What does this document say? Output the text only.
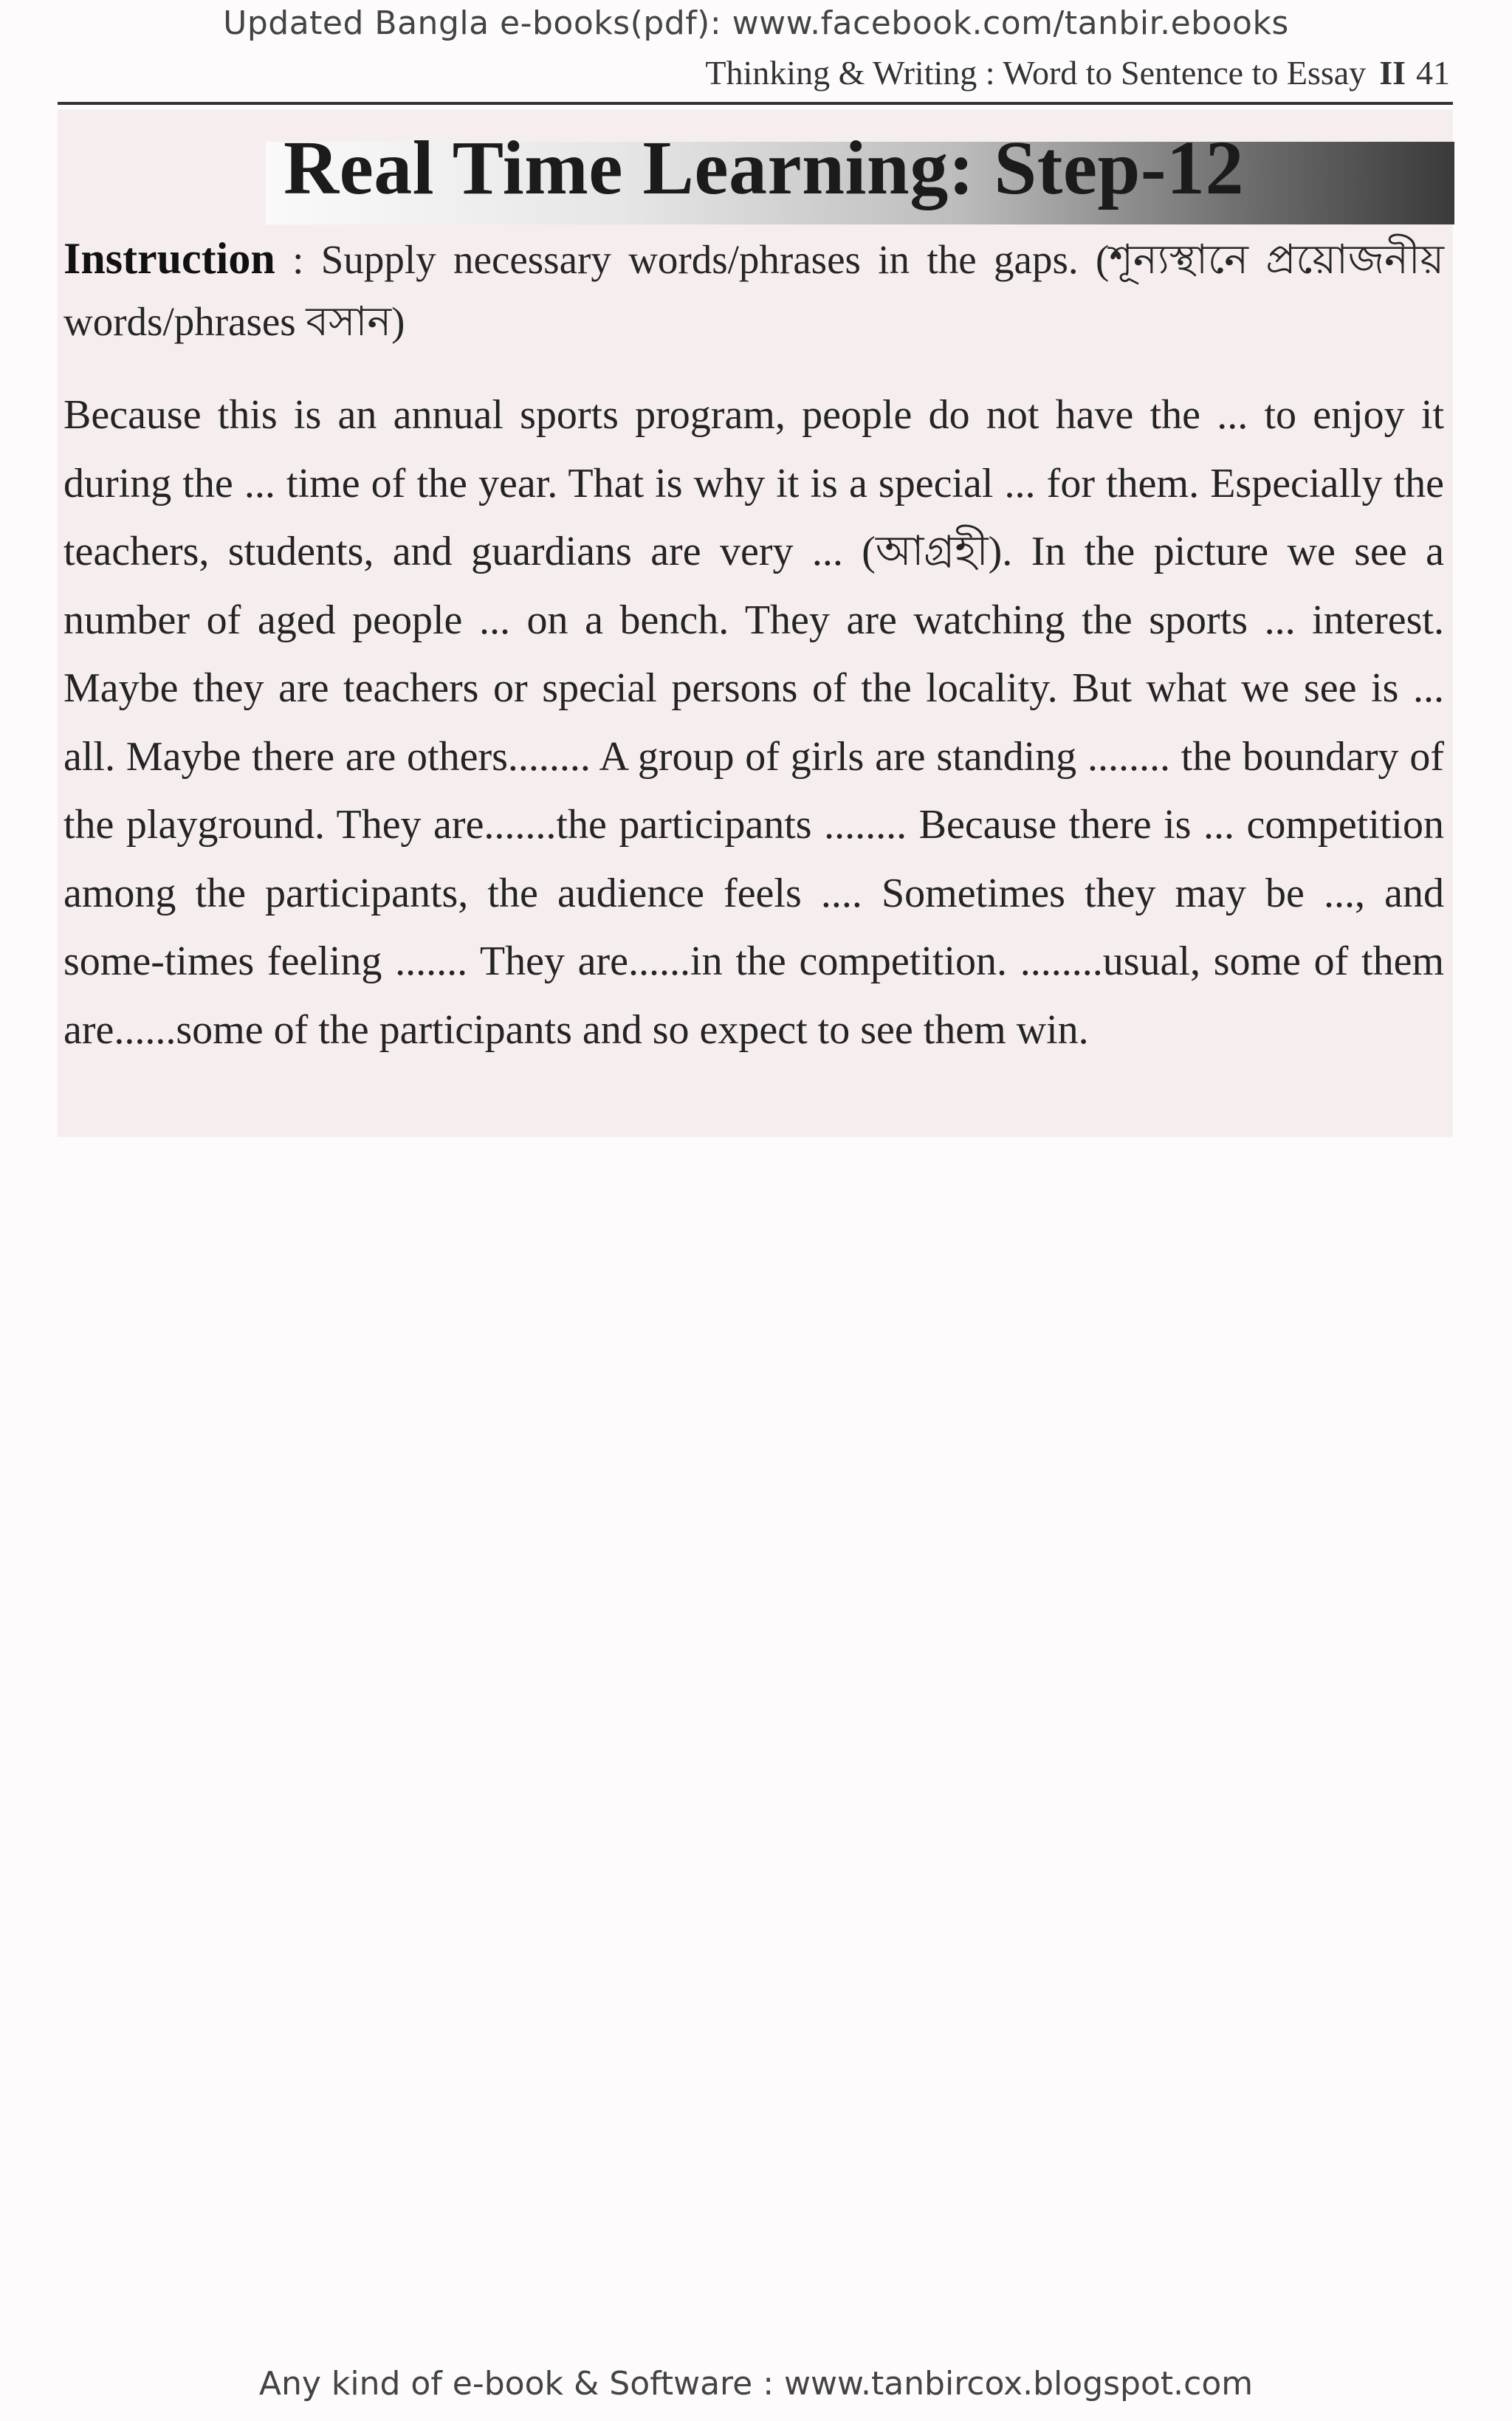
Updated Bangla e-books(pdf): www.facebook.com/tanbir.ebooks
Thinking & Writing : Word to Sentence to Essay II 41
Real Time Learning: Step-12
Instruction : Supply necessary words/phrases in the gaps. (শূন্যস্থানে প্রয়োজনীয় words/phrases বসান)
Because this is an annual sports program, people do not have the ... to enjoy it during the ... time of the year. That is why it is a special ... for them. Especially the teachers, students, and guardians are very ... (আগ্রহী). In the picture we see a number of aged people ... on a bench. They are watching the sports ... interest. Maybe they are teachers or special persons of the locality. But what we see is ... all. Maybe there are others........ A group of girls are standing ........ the boundary of the playground. They are.......the participants ........ Because there is ... competition among the participants, the audience feels .... Sometimes they may be ..., and some-times feeling ....... They are......in the competition. ........usual, some of them are......some of the participants and so expect to see them win.
Any kind of e-book & Software : www.tanbircox.blogspot.com
